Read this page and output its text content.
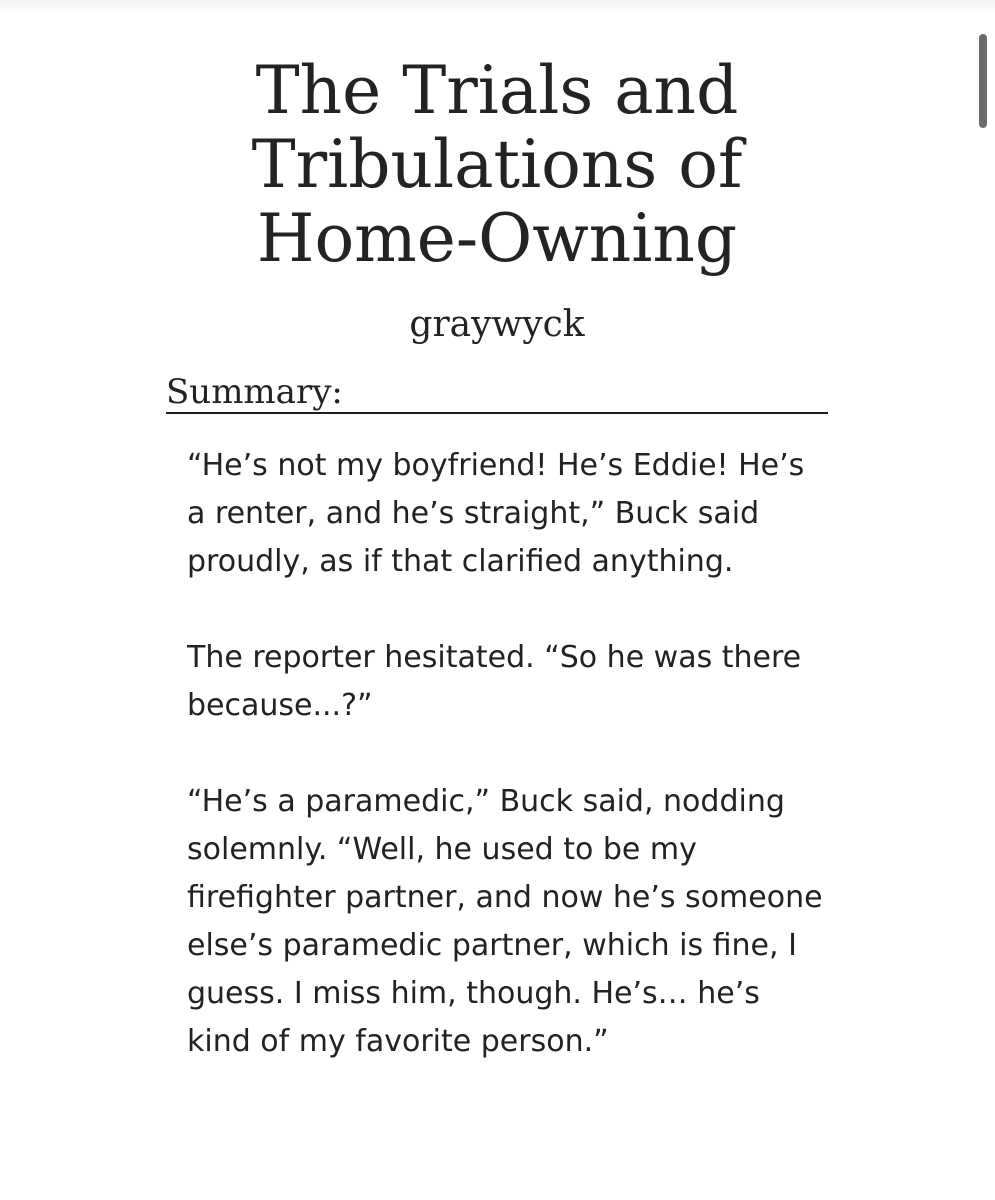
The Trials and Tribulations of Home-Owning
graywyck
Summary:

“He’s not my boyfriend! He’s Eddie! He’s a renter, and he’s straight,” Buck said proudly, as if that clarified anything.

The reporter hesitated. “So he was there because...?”

“He’s a paramedic,” Buck said, nodding solemnly. “Well, he used to be my firefighter partner, and now he’s someone else’s paramedic partner, which is fine, I guess. I miss him, though. He’s… he’s kind of my favorite person.”
